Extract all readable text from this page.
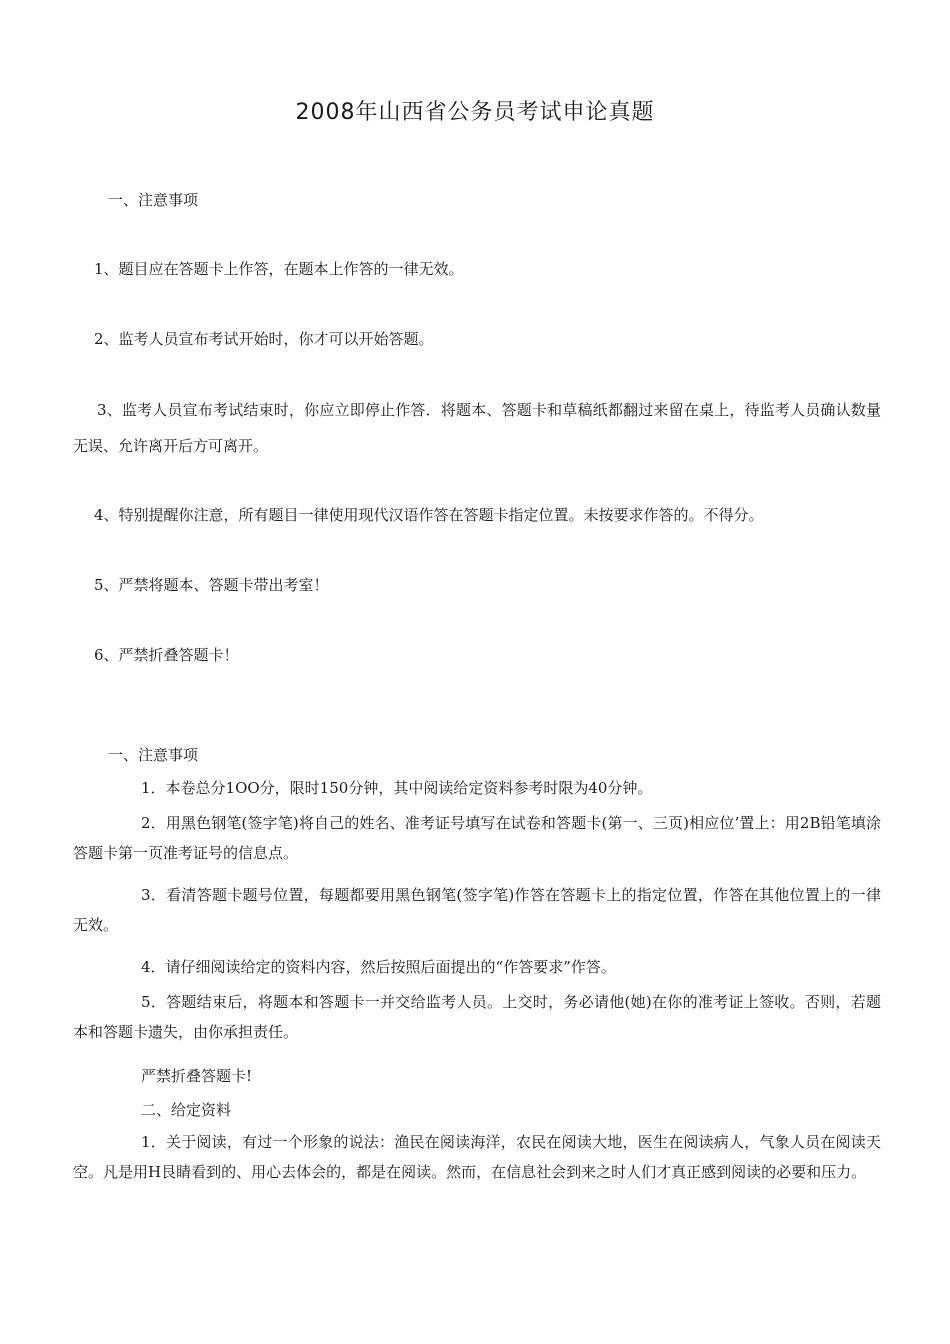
2008年山西省公务员考试申论真题
一、注意事项
1、题目应在答题卡上作答，在题本上作答的一律无效。
2、监考人员宣布考试开始时，你才可以开始答题。
3、监考人员宣布考试结束时，你应立即停止作答．将题本、答题卡和草稿纸都翻过来留在桌上，待监考人员确认数量无误、允许离开后方可离开。
4、特别提醒你注意，所有题目一律使用现代汉语作答在答题卡指定位置。未按要求作答的。不得分。
5、严禁将题本、答题卡带出考室！
6、严禁折叠答题卡！
一、注意事项
1．本卷总分1OO分，限时150分钟，其中阅读给定资料参考时限为40分钟。
2．用黑色钢笔(签字笔)将自己的姓名、准考证号填写在试卷和答题卡(第一、三页)相应位’置上：用2B铅笔填涂答题卡第一页准考证号的信息点。
3．看清答题卡题号位置，每题都要用黑色钢笔(签字笔)作答在答题卡上的指定位置，作答在其他位置上的一律无效。
4．请仔细阅读给定的资料内容，然后按照后面提出的“作答要求”作答。
5．答题结束后，将题本和答题卡一并交给监考人员。上交时，务必请他(她)在你的准考证上签收。否则，若题本和答题卡遗失，由你承担责任。
严禁折叠答题卡!
二、给定资料
1．关于阅读，有过一个形象的说法：渔民在阅读海洋，农民在阅读大地，医生在阅读病人，气象人员在阅读天空。凡是用H艮睛看到的、用心去体会的，都是在阅读。然而，在信息社会到来之时人们才真正感到阅读的必要和压力。
